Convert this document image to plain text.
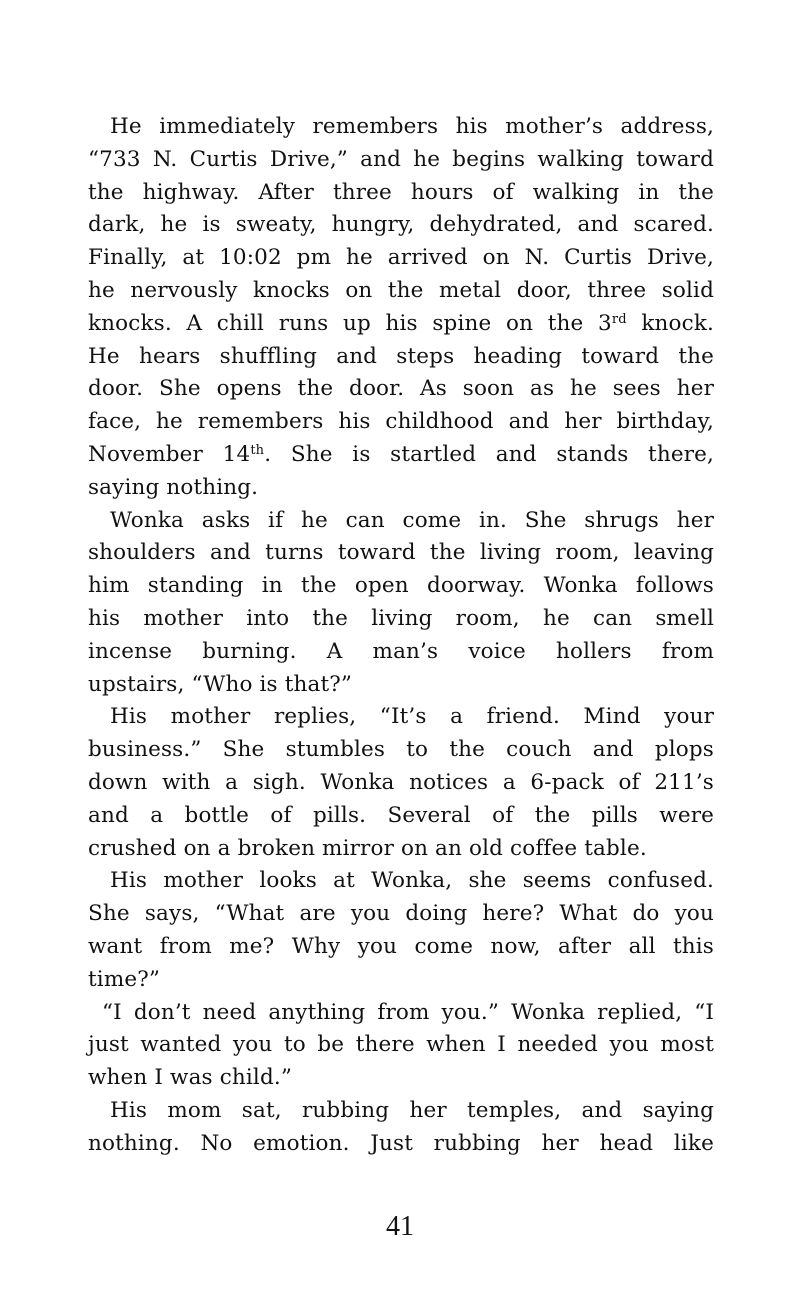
He immediately remembers his mother’s address,
“733 N. Curtis Drive,” and he begins walking toward
the highway. After three hours of walking in the
dark, he is sweaty, hungry, dehydrated, and scared.
Finally, at 10:02 pm he arrived on N. Curtis Drive,
he nervously knocks on the metal door, three solid
knocks. A chill runs up his spine on the 3rd knock.
He hears shuffling and steps heading toward the
door. She opens the door. As soon as he sees her
face, he remembers his childhood and her birthday,
November 14th. She is startled and stands there,
saying nothing.
Wonka asks if he can come in. She shrugs her
shoulders and turns toward the living room, leaving
him standing in the open doorway. Wonka follows
his mother into the living room, he can smell
incense burning. A man’s voice hollers from
upstairs, “Who is that?”
His mother replies, “It’s a friend. Mind your
business.” She stumbles to the couch and plops
down with a sigh. Wonka notices a 6-pack of 211’s
and a bottle of pills. Several of the pills were
crushed on a broken mirror on an old coffee table.
His mother looks at Wonka, she seems confused.
She says, “What are you doing here? What do you
want from me? Why you come now, after all this
time?”
“I don’t need anything from you.” Wonka replied, “I
just wanted you to be there when I needed you most
when I was child.”
His mom sat, rubbing her temples, and saying
nothing. No emotion. Just rubbing her head like
41
